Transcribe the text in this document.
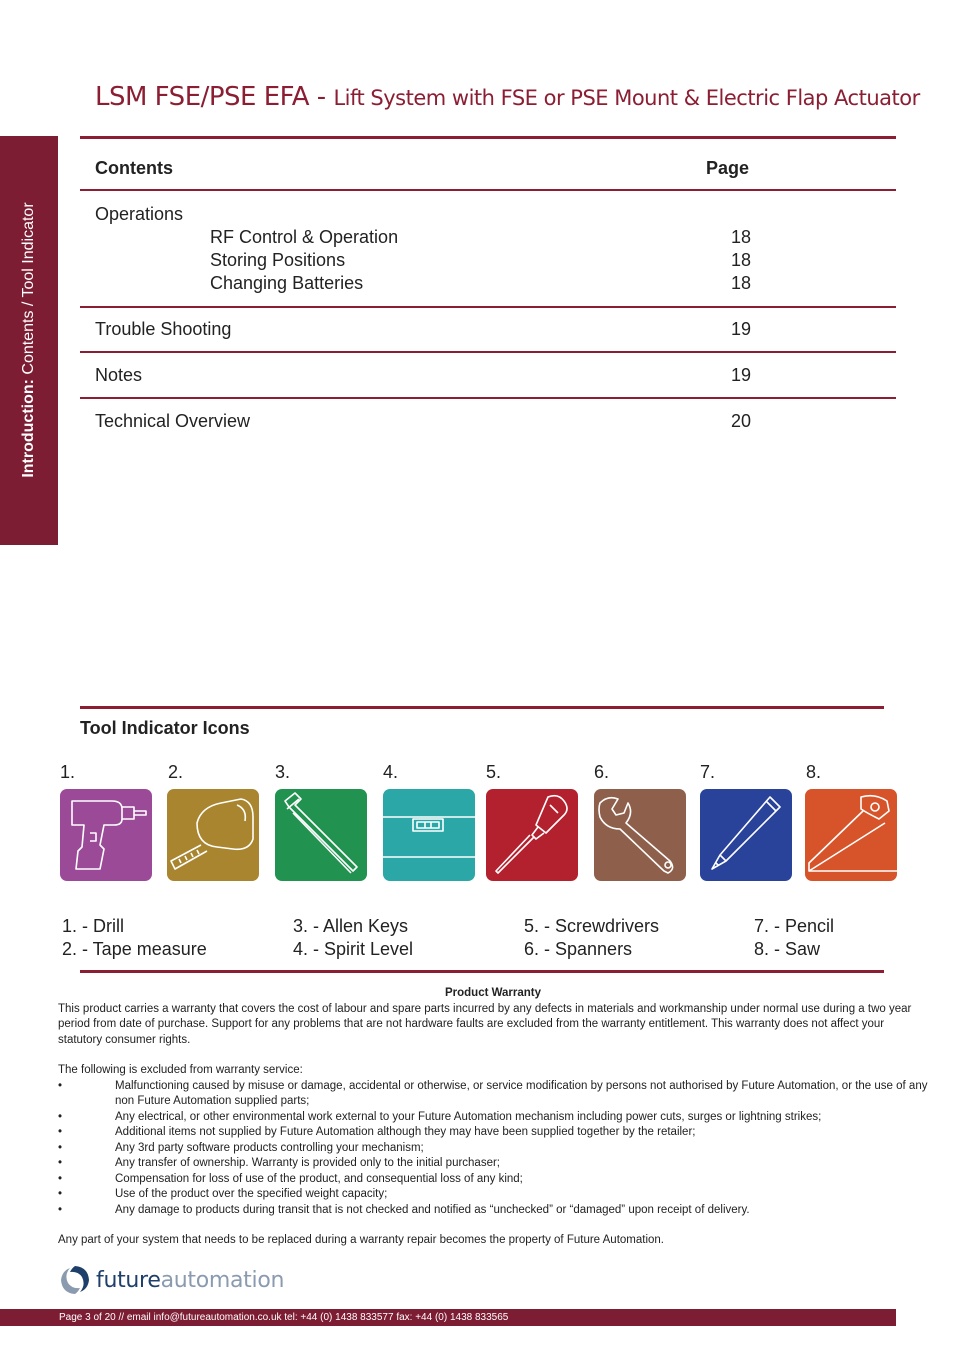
LSM FSE/PSE EFA - Lift System with FSE or PSE Mount & Electric Flap Actuator
Introduction: Contents / Tool Indicator
Contents	Page
Operations
RF Control & Operation	18
Storing Positions	18
Changing Batteries	18
Trouble Shooting	19
Notes	19
Technical Overview	20
Tool Indicator Icons
1.	2.	3.	4.	5.	6.	7.	8.
1. - Drill
2. - Tape measure
3. - Allen Keys
4. - Spirit Level
5. - Screwdrivers
6. - Spanners
7. - Pencil
8. - Saw
Product Warranty

This product carries a warranty that covers the cost of labour and spare parts incurred by any defects in materials and workmanship under normal use during a two year period from date of purchase. Support for any problems that are not hardware faults are excluded from the warranty entitlement. This warranty does not affect your statutory consumer rights.

The following is excluded from warranty service:

• Malfunctioning caused by misuse or damage, accidental or otherwise, or service modification by persons not authorised by Future Automation, or the use of any non Future Automation supplied parts;
• Any electrical, or other environmental work external to your Future Automation mechanism including power cuts, surges or lightning strikes;
• Additional items not supplied by Future Automation although they may have been supplied together by the retailer;
• Any 3rd party software products controlling your mechanism;
• Any transfer of ownership. Warranty is provided only to the initial purchaser;
• Compensation for loss of use of the product, and consequential loss of any kind;
• Use of the product over the specified weight capacity;
• Any damage to products during transit that is not checked and notified as “unchecked” or “damaged” upon receipt of delivery.

Any part of your system that needs to be replaced during a warranty repair becomes the property of Future Automation.

futureautomation
Page 3 of 20 // email info@futureautomation.co.uk tel: +44 (0) 1438 833577 fax: +44 (0) 1438 833565
